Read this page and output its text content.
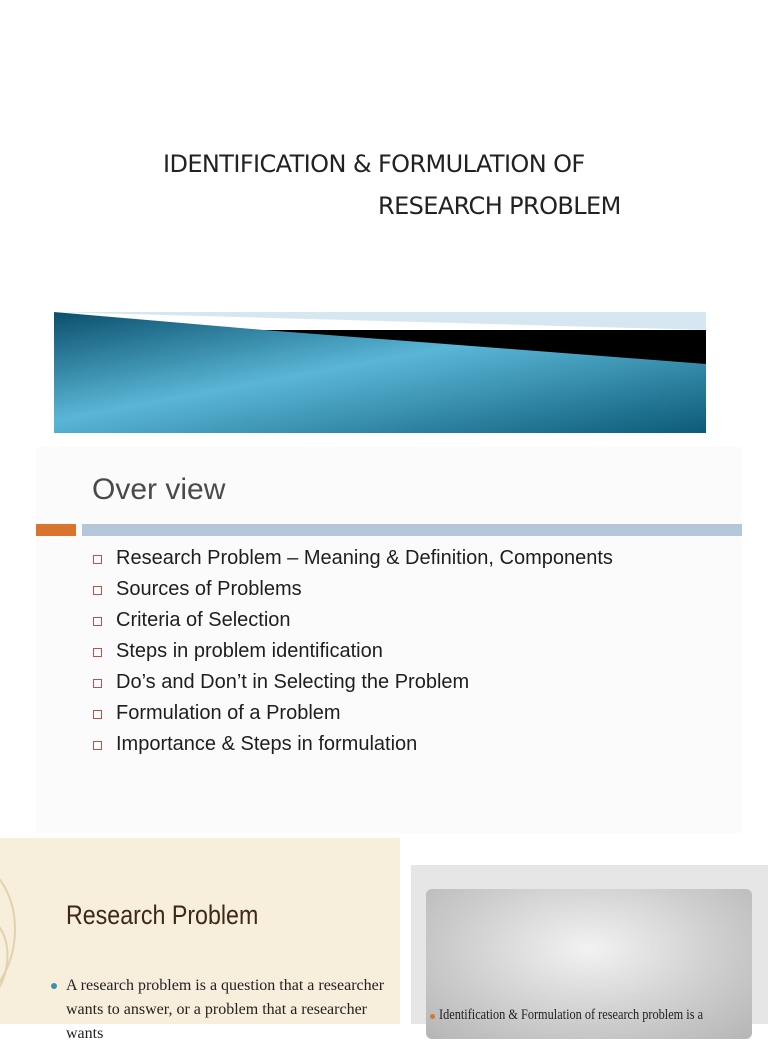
IDENTIFICATION & FORMULATION OF
RESEARCH PROBLEM
Over view
Research Problem – Meaning & Definition, Components
Sources of Problems
Criteria of Selection
Steps in problem identification
Do’s and Don’t in Selecting the Problem
Formulation of a Problem
Importance & Steps in formulation
Research Problem
A research problem is a question that a researcher wants to answer, or a problem that a researcher wants
Identification & Formulation of research problem is a
